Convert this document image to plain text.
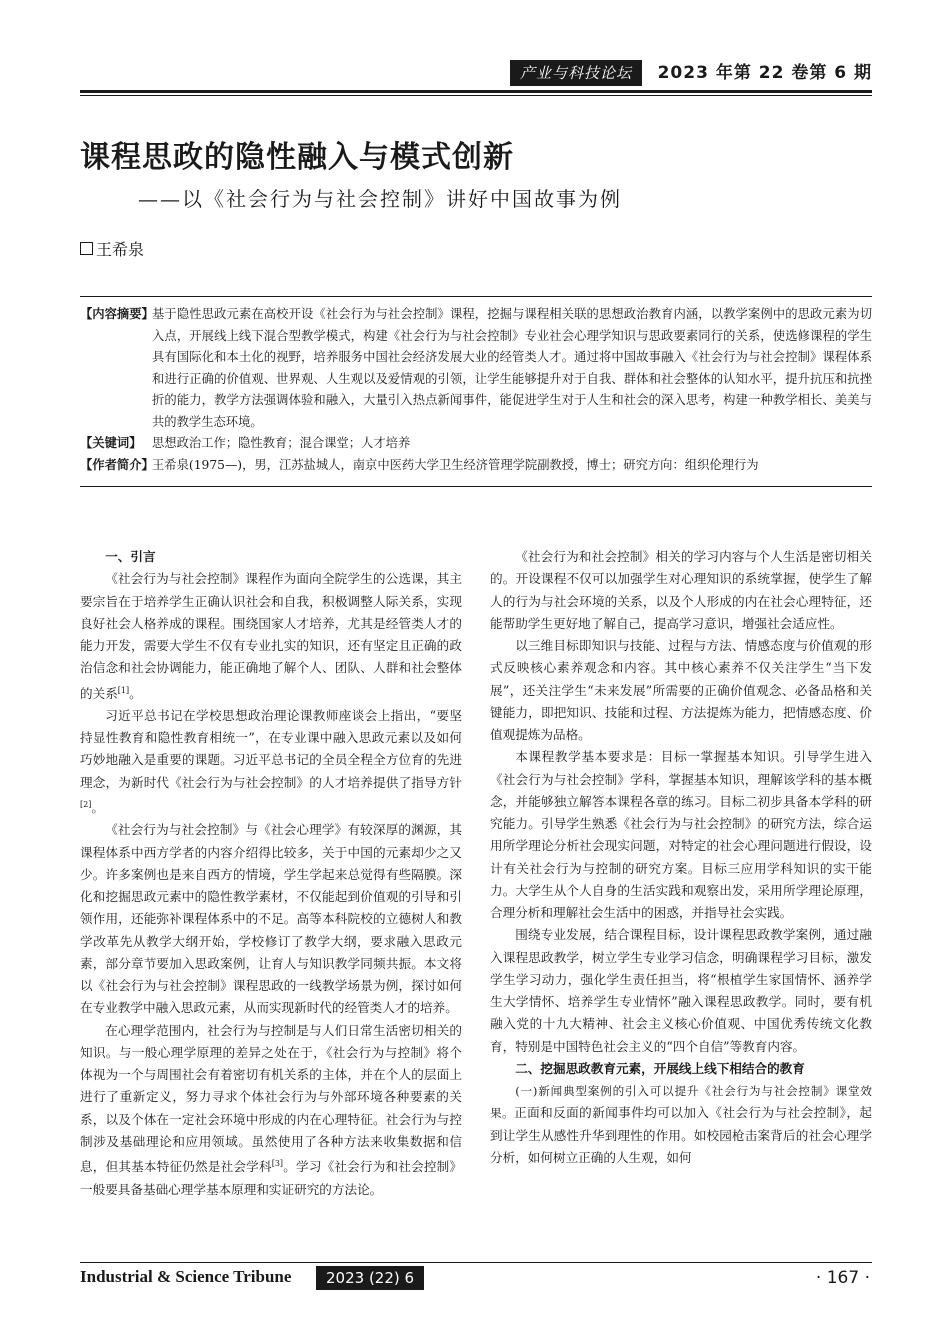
产业与科技论坛	2023 年第 22 卷第 6 期
课程思政的隐性融入与模式创新
——以《社会行为与社会控制》讲好中国故事为例
王希泉
【内容摘要】
基于隐性思政元素在高校开设《社会行为与社会控制》课程，挖掘与课程相关联的思想政治教育内涵，以教学案例中的思政元素为切入点，开展线上线下混合型教学模式，构建《社会行为与社会控制》专业社会心理学知识与思政要素同行的关系，使选修课程的学生具有国际化和本土化的视野，培养服务中国社会经济发展大业的经管类人才。通过将中国故事融入《社会行为与社会控制》课程体系和进行正确的价值观、世界观、人生观以及爱情观的引领，让学生能够提升对于自我、群体和社会整体的认知水平，提升抗压和抗挫折的能力，教学方法强调体验和融入，大量引入热点新闻事件，能促进学生对于人生和社会的深入思考，构建一种教学相长、美美与共的教学生态环境。
【关键词】 思想政治工作；隐性教育；混合课堂；人才培养
【作者简介】
王希泉(1975—)，男，江苏盐城人，南京中医药大学卫生经济管理学院副教授，博士；研究方向：组织伦理行为
一、引言

《社会行为与社会控制》课程作为面向全院学生的公选课，其主要宗旨在于培养学生正确认识社会和自我，积极调整人际关系，实现良好社会人格养成的课程。围绕国家人才培养，尤其是经管类人才的能力开发，需要大学生不仅有专业扎实的知识，还有坚定且正确的政治信念和社会协调能力，能正确地了解个人、团队、人群和社会整体的关系[1]。

习近平总书记在学校思想政治理论课教师座谈会上指出，“要坚持显性教育和隐性教育相统一”，在专业课中融入思政元素以及如何巧妙地融入是重要的课题。习近平总书记的全员全程全方位育的先进理念，为新时代《社会行为与社会控制》的人才培养提供了指导方针[2]。

《社会行为与社会控制》与《社会心理学》有较深厚的渊源，其课程体系中西方学者的内容介绍得比较多，关于中国的元素却少之又少。许多案例也是来自西方的情境，学生学起来总觉得有些隔膜。深化和挖掘思政元素中的隐性教学素材，不仅能起到价值观的引导和引领作用，还能弥补课程体系中的不足。高等本科院校的立德树人和教学改革先从教学大纲开始，学校修订了教学大纲，要求融入思政元素，部分章节要加入思政案例，让育人与知识教学同频共振。本文将以《社会行为与社会控制》课程思政的一线教学场景为例，探讨如何在专业教学中融入思政元素，从而实现新时代的经管类人才的培养。

在心理学范围内，社会行为与控制是与人们日常生活密切相关的知识。与一般心理学原理的差异之处在于，《社会行为与控制》将个体视为一个与周围社会有着密切有机关系的主体，并在个人的层面上进行了重新定义，努力寻求个体社会行为与外部环境各种要素的关系，以及个体在一定社会环境中形成的内在心理特征。社会行为与控制涉及基础理论和应用领域。虽然使用了各种方法来收集数据和信息，但其基本特征仍然是社会学科[3]。学习《社会行为和社会控制》一般要具备基础心理学基本原理和实证研究的方法论。

《社会行为和社会控制》相关的学习内容与个人生活是密切相关的。开设课程不仅可以加强学生对心理知识的系统掌握，使学生了解人的行为与社会环境的关系，以及个人形成的内在社会心理特征，还能帮助学生更好地了解自己，提高学习意识，增强社会适应性。

以三维目标即知识与技能、过程与方法、情感态度与价值观的形式反映核心素养观念和内容。其中核心素养不仅关注学生“当下发展”，还关注学生“未来发展”所需要的正确价值观念、必备品格和关键能力，即把知识、技能和过程、方法提炼为能力，把情感态度、价值观提炼为品格。

本课程教学基本要求是：目标一掌握基本知识。引导学生进入《社会行为与社会控制》学科，掌握基本知识，理解该学科的基本概念，并能够独立解答本课程各章的练习。目标二初步具备本学科的研究能力。引导学生熟悉《社会行为与社会控制》的研究方法，综合运用所学理论分析社会现实问题，对特定的社会心理问题进行假设，设计有关社会行为与控制的研究方案。目标三应用学科知识的实干能力。大学生从个人自身的生活实践和观察出发，采用所学理论原理，合理分析和理解社会生活中的困惑，并指导社会实践。

围绕专业发展，结合课程目标，设计课程思政教学案例，通过融入课程思政教学，树立学生专业学习信念，明确课程学习目标，激发学生学习动力，强化学生责任担当，将“根植学生家国情怀、涵养学生大学情怀、培养学生专业情怀”融入课程思政教学。同时，要有机融入党的十九大精神、社会主义核心价值观、中国优秀传统文化教育，特别是中国特色社会主义的“四个自信”等教育内容。

二、挖掘思政教育元素，开展线上线下相结合的教育

(一)新闻典型案例的引入可以提升《社会行为与社会控制》课堂效果。正面和反面的新闻事件均可以加入《社会行为与社会控制》，起到让学生从感性升华到理性的作用。如校园枪击案背后的社会心理学分析，如何树立正确的人生观，如何

Industrial & Science Tribune	2023 (22) 6	· 167 ·
